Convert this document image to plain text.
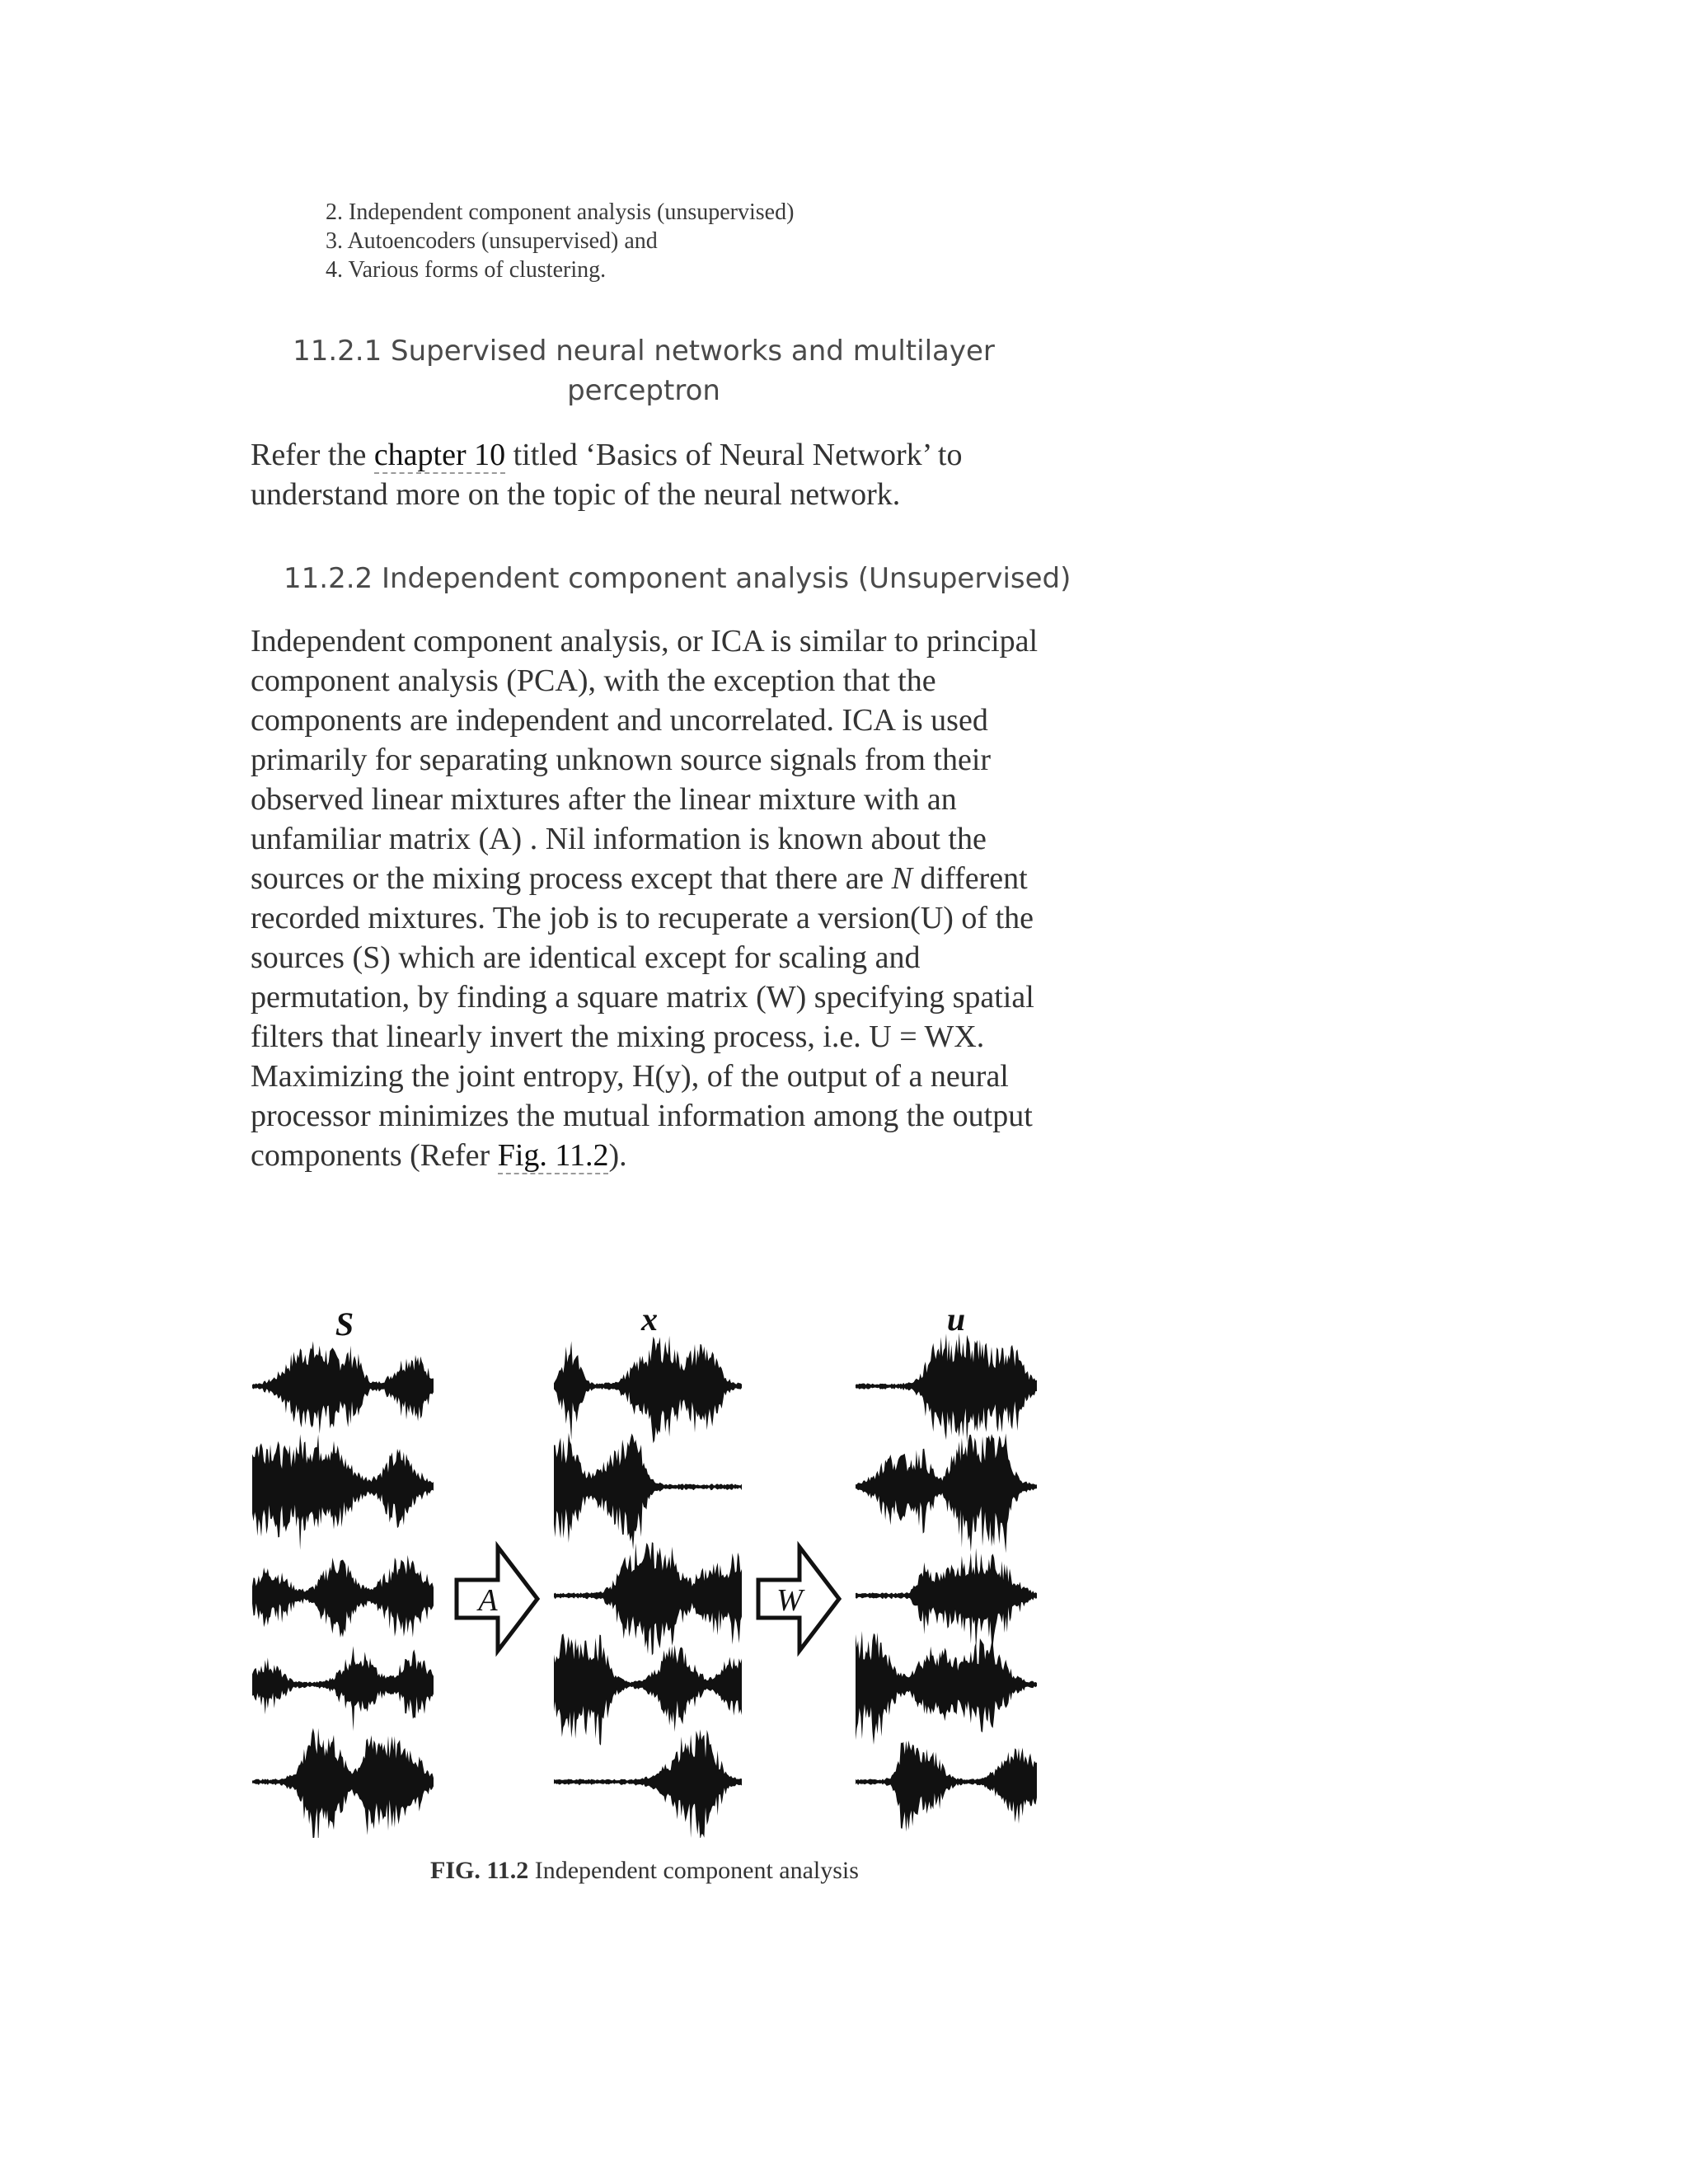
2. Independent component analysis (unsupervised)
3. Autoencoders (unsupervised) and
4. Various forms of clustering.
11.2.1 Supervised neural networks and multilayer
perceptron
Refer the chapter 10 titled ‘Basics of Neural Network’ to understand more on the topic of the neural network.
11.2.2 Independent component analysis (Unsupervised)
Independent component analysis, or ICA is similar to principal component analysis (PCA), with the exception that the components are independent and uncorrelated. ICA is used primarily for separating unknown source signals from their observed linear mixtures after the linear mixture with an unfamiliar matrix (A) . Nil information is known about the sources or the mixing process except that there are N different recorded mixtures. The job is to recuperate a version(U) of the sources (S) which are identical except for scaling and permutation, by finding a square matrix (W) specifying spatial filters that linearly invert the mixing process, i.e. U = WX. Maximizing the joint entropy, H(y), of the output of a neural processor minimizes the mutual information among the output components (Refer Fig. 11.2).
S	x	u
A	W
FIG. 11.2 Independent component analysis
